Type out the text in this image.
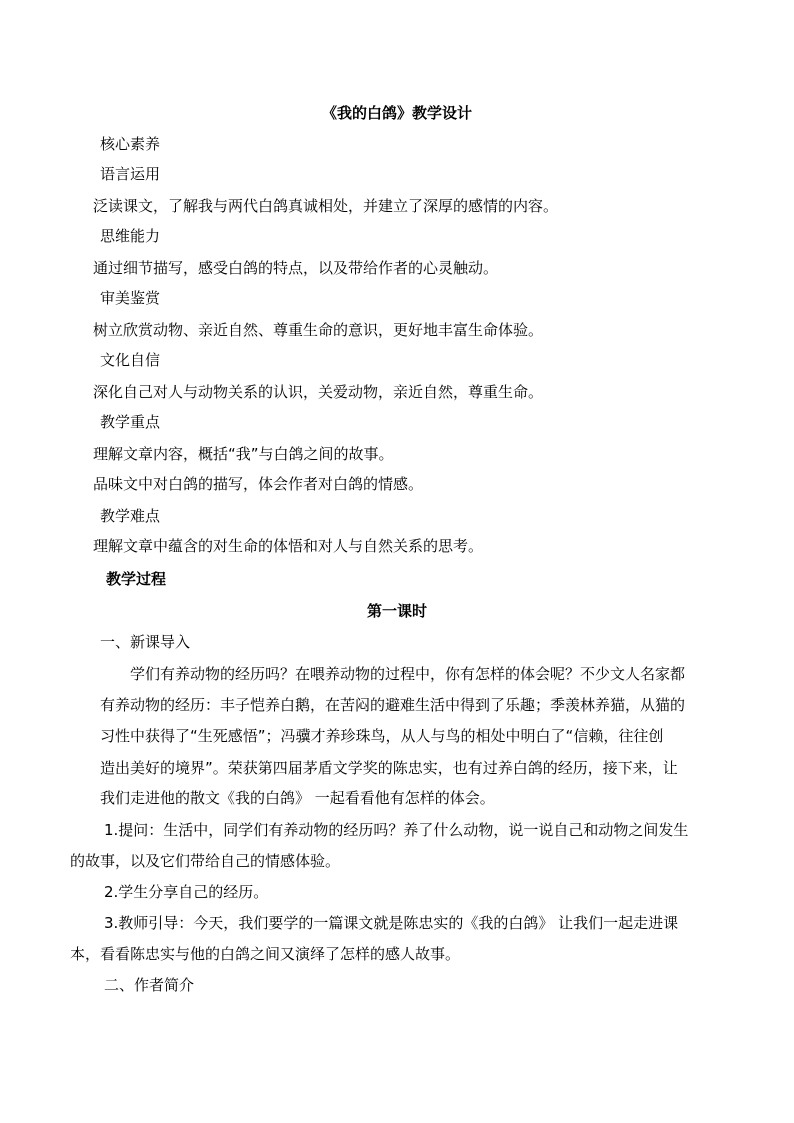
《我的白鸽》教学设计
核心素养
语言运用
泛读课文，了解我与两代白鸽真诚相处，并建立了深厚的感情的内容。
思维能力
通过细节描写，感受白鸽的特点，以及带给作者的心灵触动。
审美鉴赏
树立欣赏动物、亲近自然、尊重生命的意识，更好地丰富生命体验。
文化自信
深化自己对人与动物关系的认识，关爱动物，亲近自然，尊重生命。
教学重点
理解文章内容，概括“我”与白鸽之间的故事。
品味文中对白鸽的描写，体会作者对白鸽的情感。
教学难点
理解文章中蕴含的对生命的体悟和对人与自然关系的思考。
教学过程
第一课时
一、新课导入
学们有养动物的经历吗？在喂养动物的过程中，你有怎样的体会呢？不少文人名家都
有养动物的经历：丰子恺养白鹅，在苦闷的避难生活中得到了乐趣；季羡林养猫，从猫的
习性中获得了“生死感悟”；冯骥才养珍珠鸟，从人与鸟的相处中明白了“信赖，往往创
造出美好的境界”。荣获第四届茅盾文学奖的陈忠实，也有过养白鸽的经历，接下来，让
我们走进他的散文《我的白鸽》 一起看看他有怎样的体会。
1.提问：生活中，同学们有养动物的经历吗？养了什么动物，说一说自己和动物之间发生
的故事，以及它们带给自己的情感体验。
2.学生分享自己的经历。
3.教师引导：今天，我们要学的一篇课文就是陈忠实的《我的白鸽》 让我们一起走进课
本，看看陈忠实与他的白鸽之间又演绎了怎样的感人故事。
二、作者简介
